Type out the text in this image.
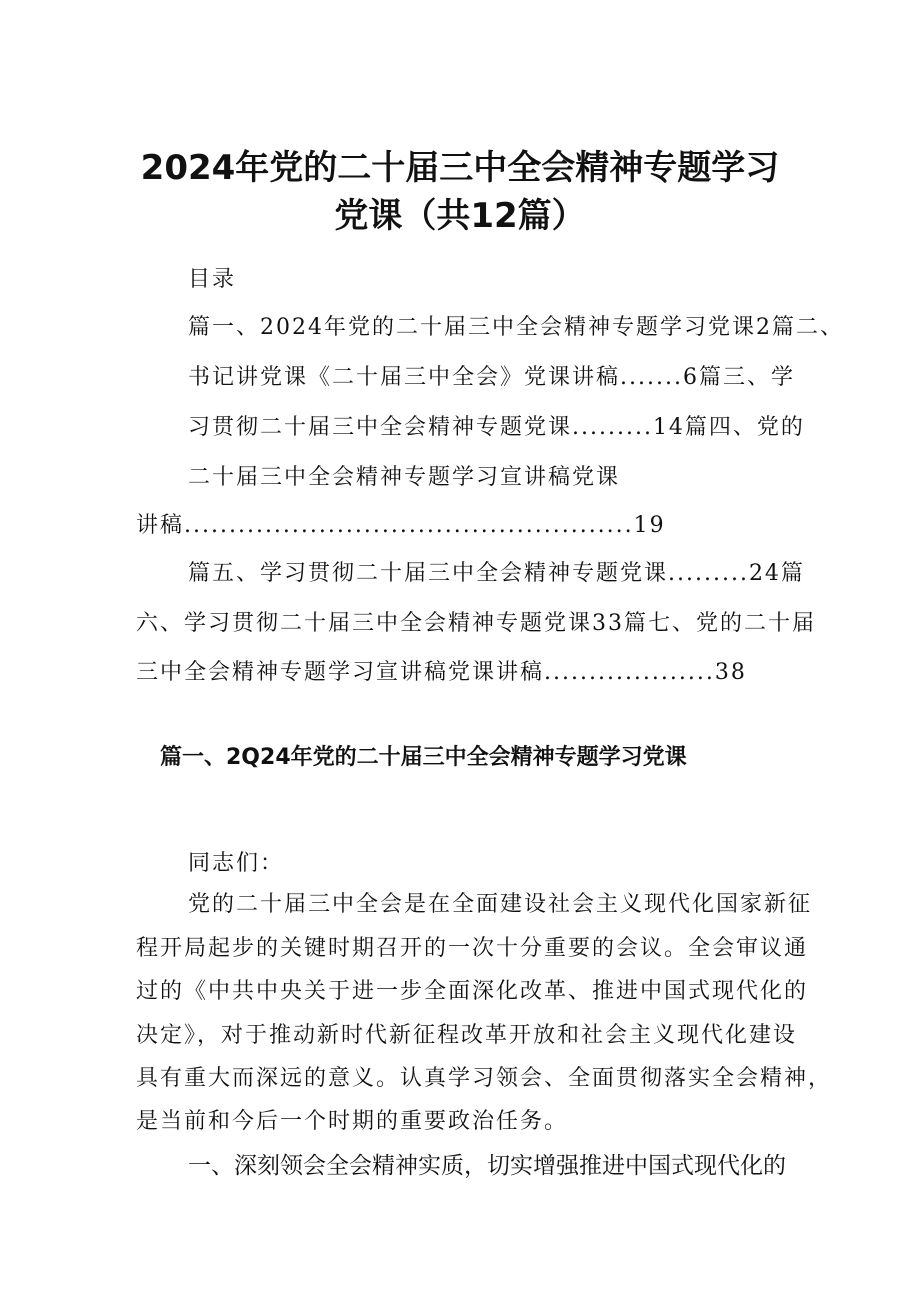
2024年党的二十届三中全会精神专题学习
党课（共12篇）
目录
篇一、2024年党的二十届三中全会精神专题学习党课2篇二、
书记讲党课《二十届三中全会》党课讲稿.......6篇三、学
习贯彻二十届三中全会精神专题党课.........14篇四、党的
二十届三中全会精神专题学习宣讲稿党课
讲稿..................................................19
篇五、学习贯彻二十届三中全会精神专题党课.........24篇
六、学习贯彻二十届三中全会精神专题党课33篇七、党的二十届
三中全会精神专题学习宣讲稿党课讲稿...................38
篇一、2Q24年党的二十届三中全会精神专题学习党课
同志们：
党的二十届三中全会是在全面建设社会主义现代化国家新征
程开局起步的关键时期召开的一次十分重要的会议。全会审议通
过的《中共中央关于进一步全面深化改革、推进中国式现代化的
决定》，对于推动新时代新征程改革开放和社会主义现代化建设
具有重大而深远的意义。认真学习领会、全面贯彻落实全会精神，
是当前和今后一个时期的重要政治任务。
一、深刻领会全会精神实质，切实增强推进中国式现代化的
